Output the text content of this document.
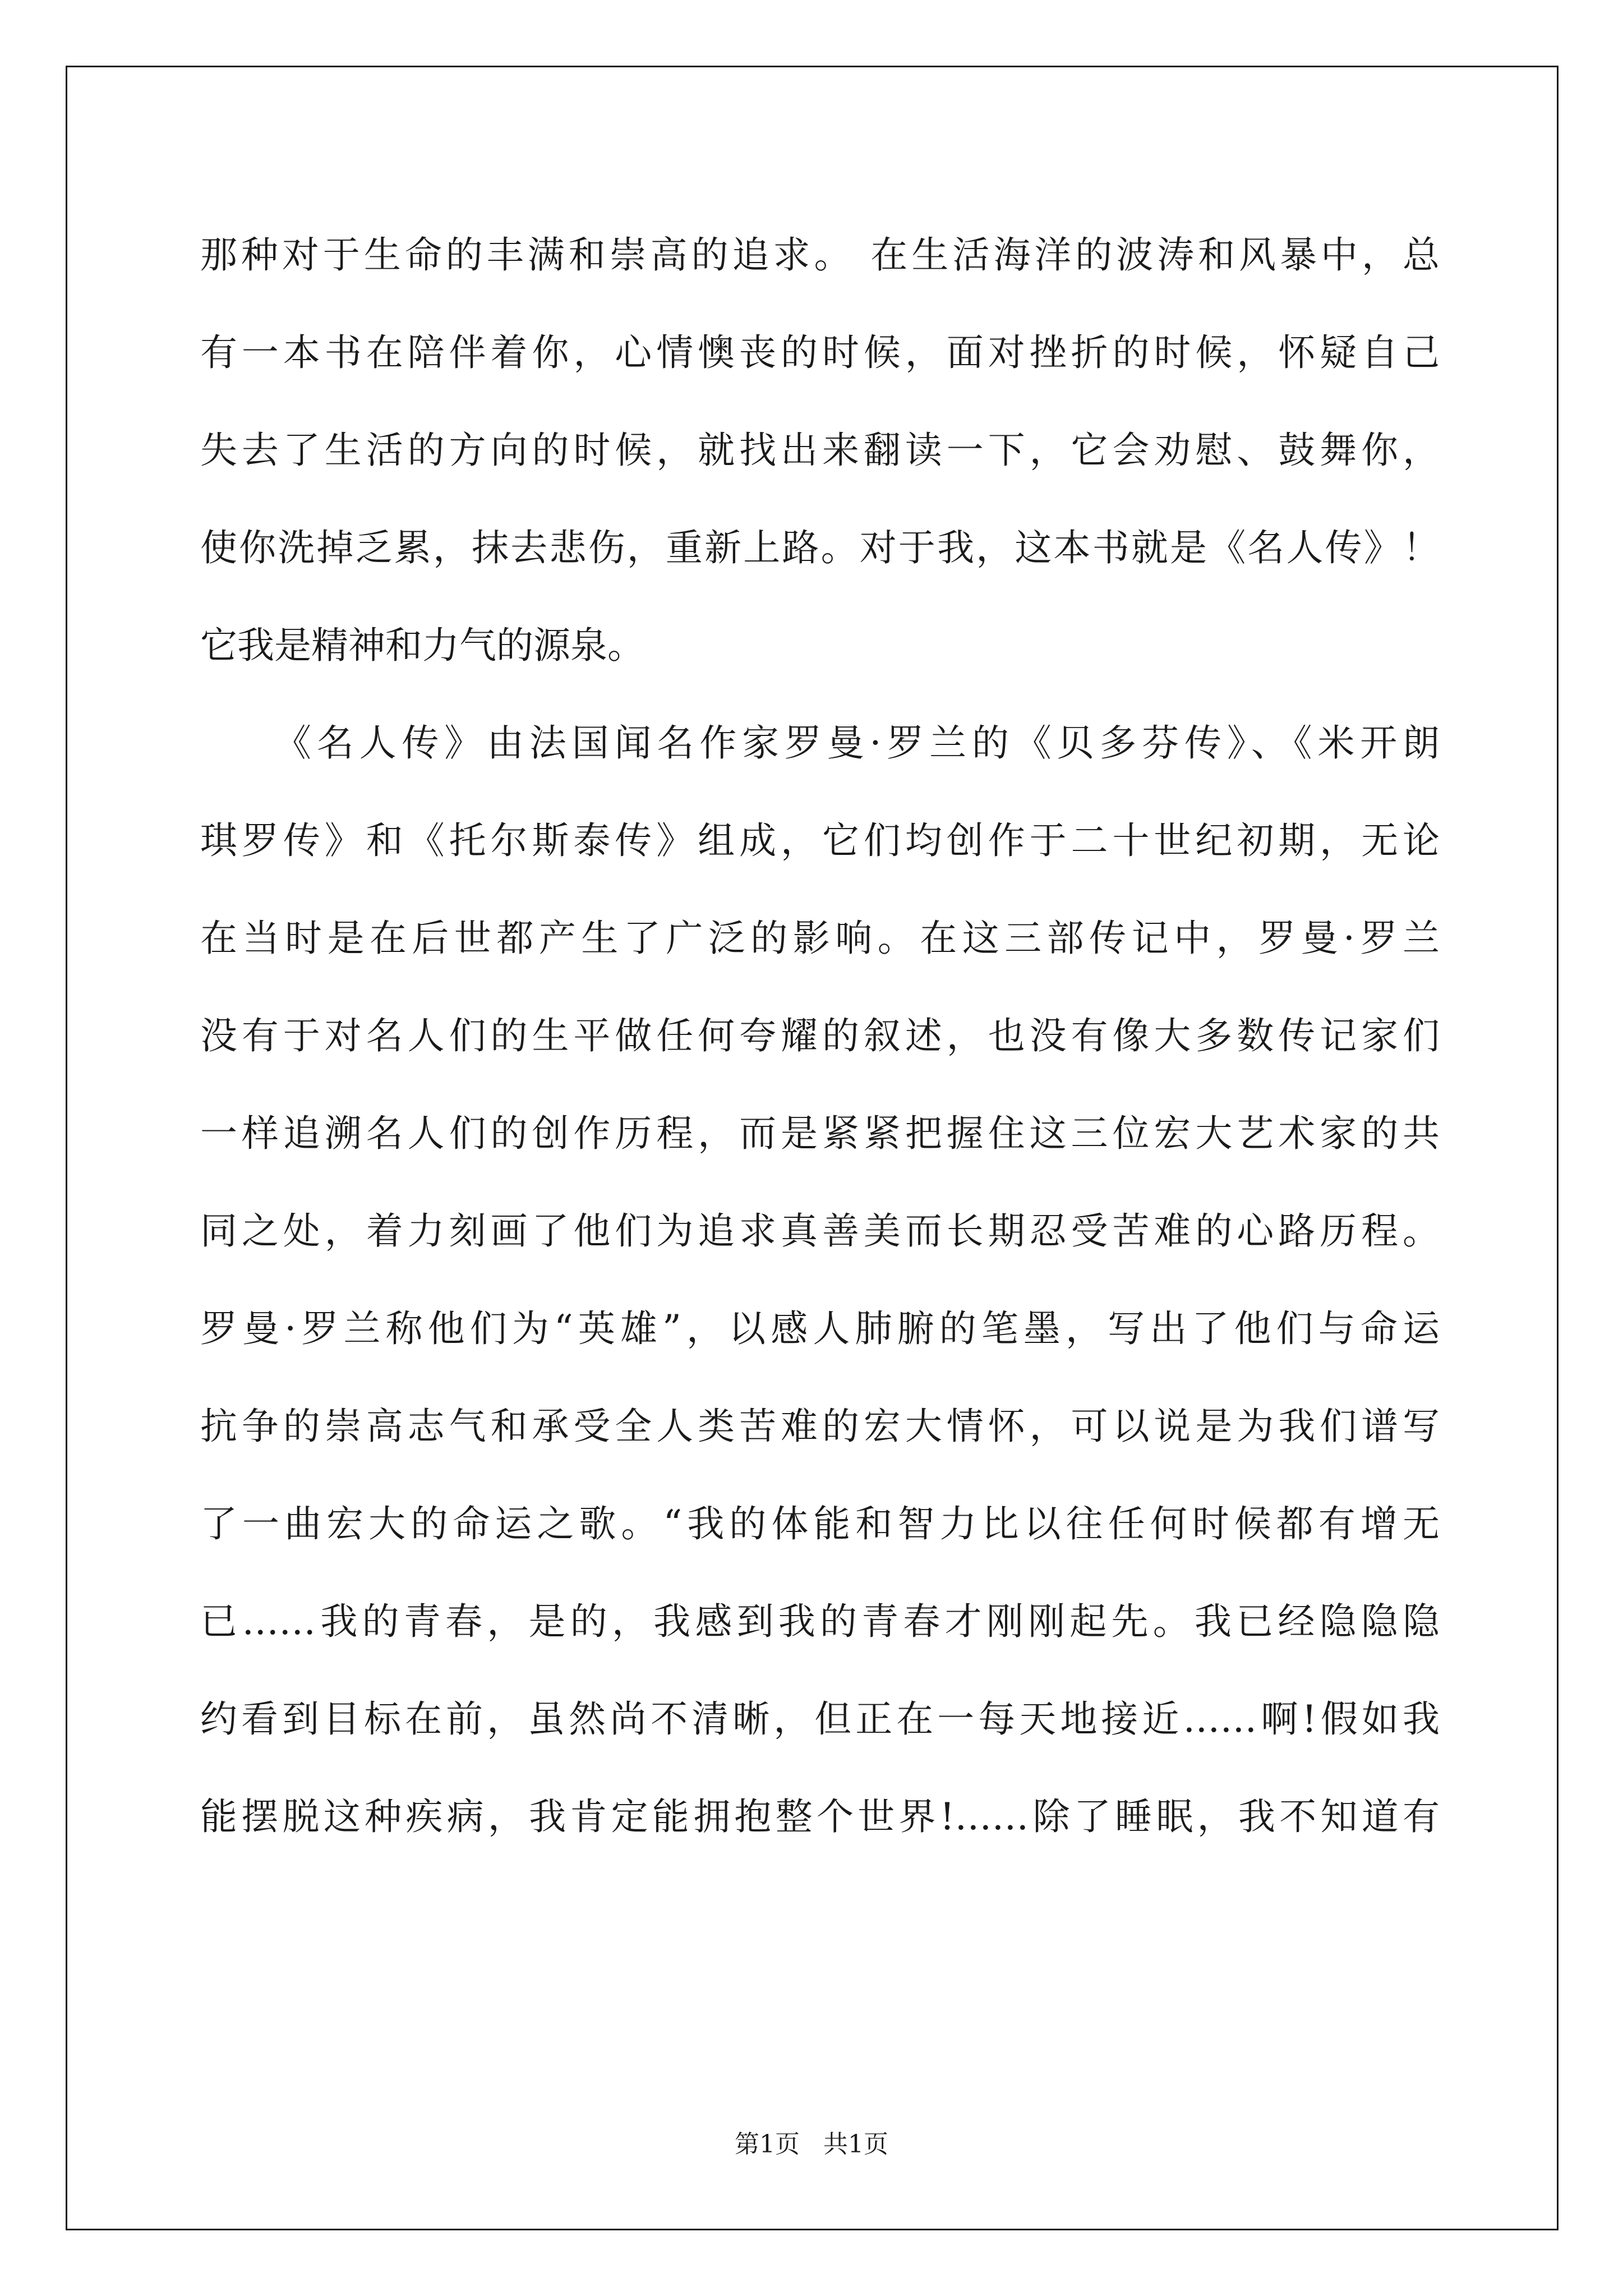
那种对于生命的丰满和崇高的追求。 在生活海洋的波涛和风暴中，总
有一本书在陪伴着你，心情懊丧的时候，面对挫折的时候，怀疑自己
失去了生活的方向的时候，就找出来翻读一下，它会劝慰、鼓舞你，
使你洗掉乏累，抹去悲伤，重新上路。对于我，这本书就是《名人传》！
它我是精神和力气的源泉。
《名人传》由法国闻名作家罗曼·罗兰的《贝多芬传》、《米开朗
琪罗传》和《托尔斯泰传》组成，它们均创作于二十世纪初期，无论
在当时是在后世都产生了广泛的影响。在这三部传记中，罗曼·罗兰
没有于对名人们的生平做任何夸耀的叙述，也没有像大多数传记家们
一样追溯名人们的创作历程，而是紧紧把握住这三位宏大艺术家的共
同之处，着力刻画了他们为追求真善美而长期忍受苦难的心路历程。
罗曼·罗兰称他们为“英雄”，以感人肺腑的笔墨，写出了他们与命运
抗争的崇高志气和承受全人类苦难的宏大情怀，可以说是为我们谱写
了一曲宏大的命运之歌。“我的体能和智力比以往任何时候都有增无
已……我的青春，是的，我感到我的青春才刚刚起先。我已经隐隐隐
约看到目标在前，虽然尚不清晰，但正在一每天地接近……啊!假如我
能摆脱这种疾病，我肯定能拥抱整个世界!……除了睡眠，我不知道有
第1页   共1页
